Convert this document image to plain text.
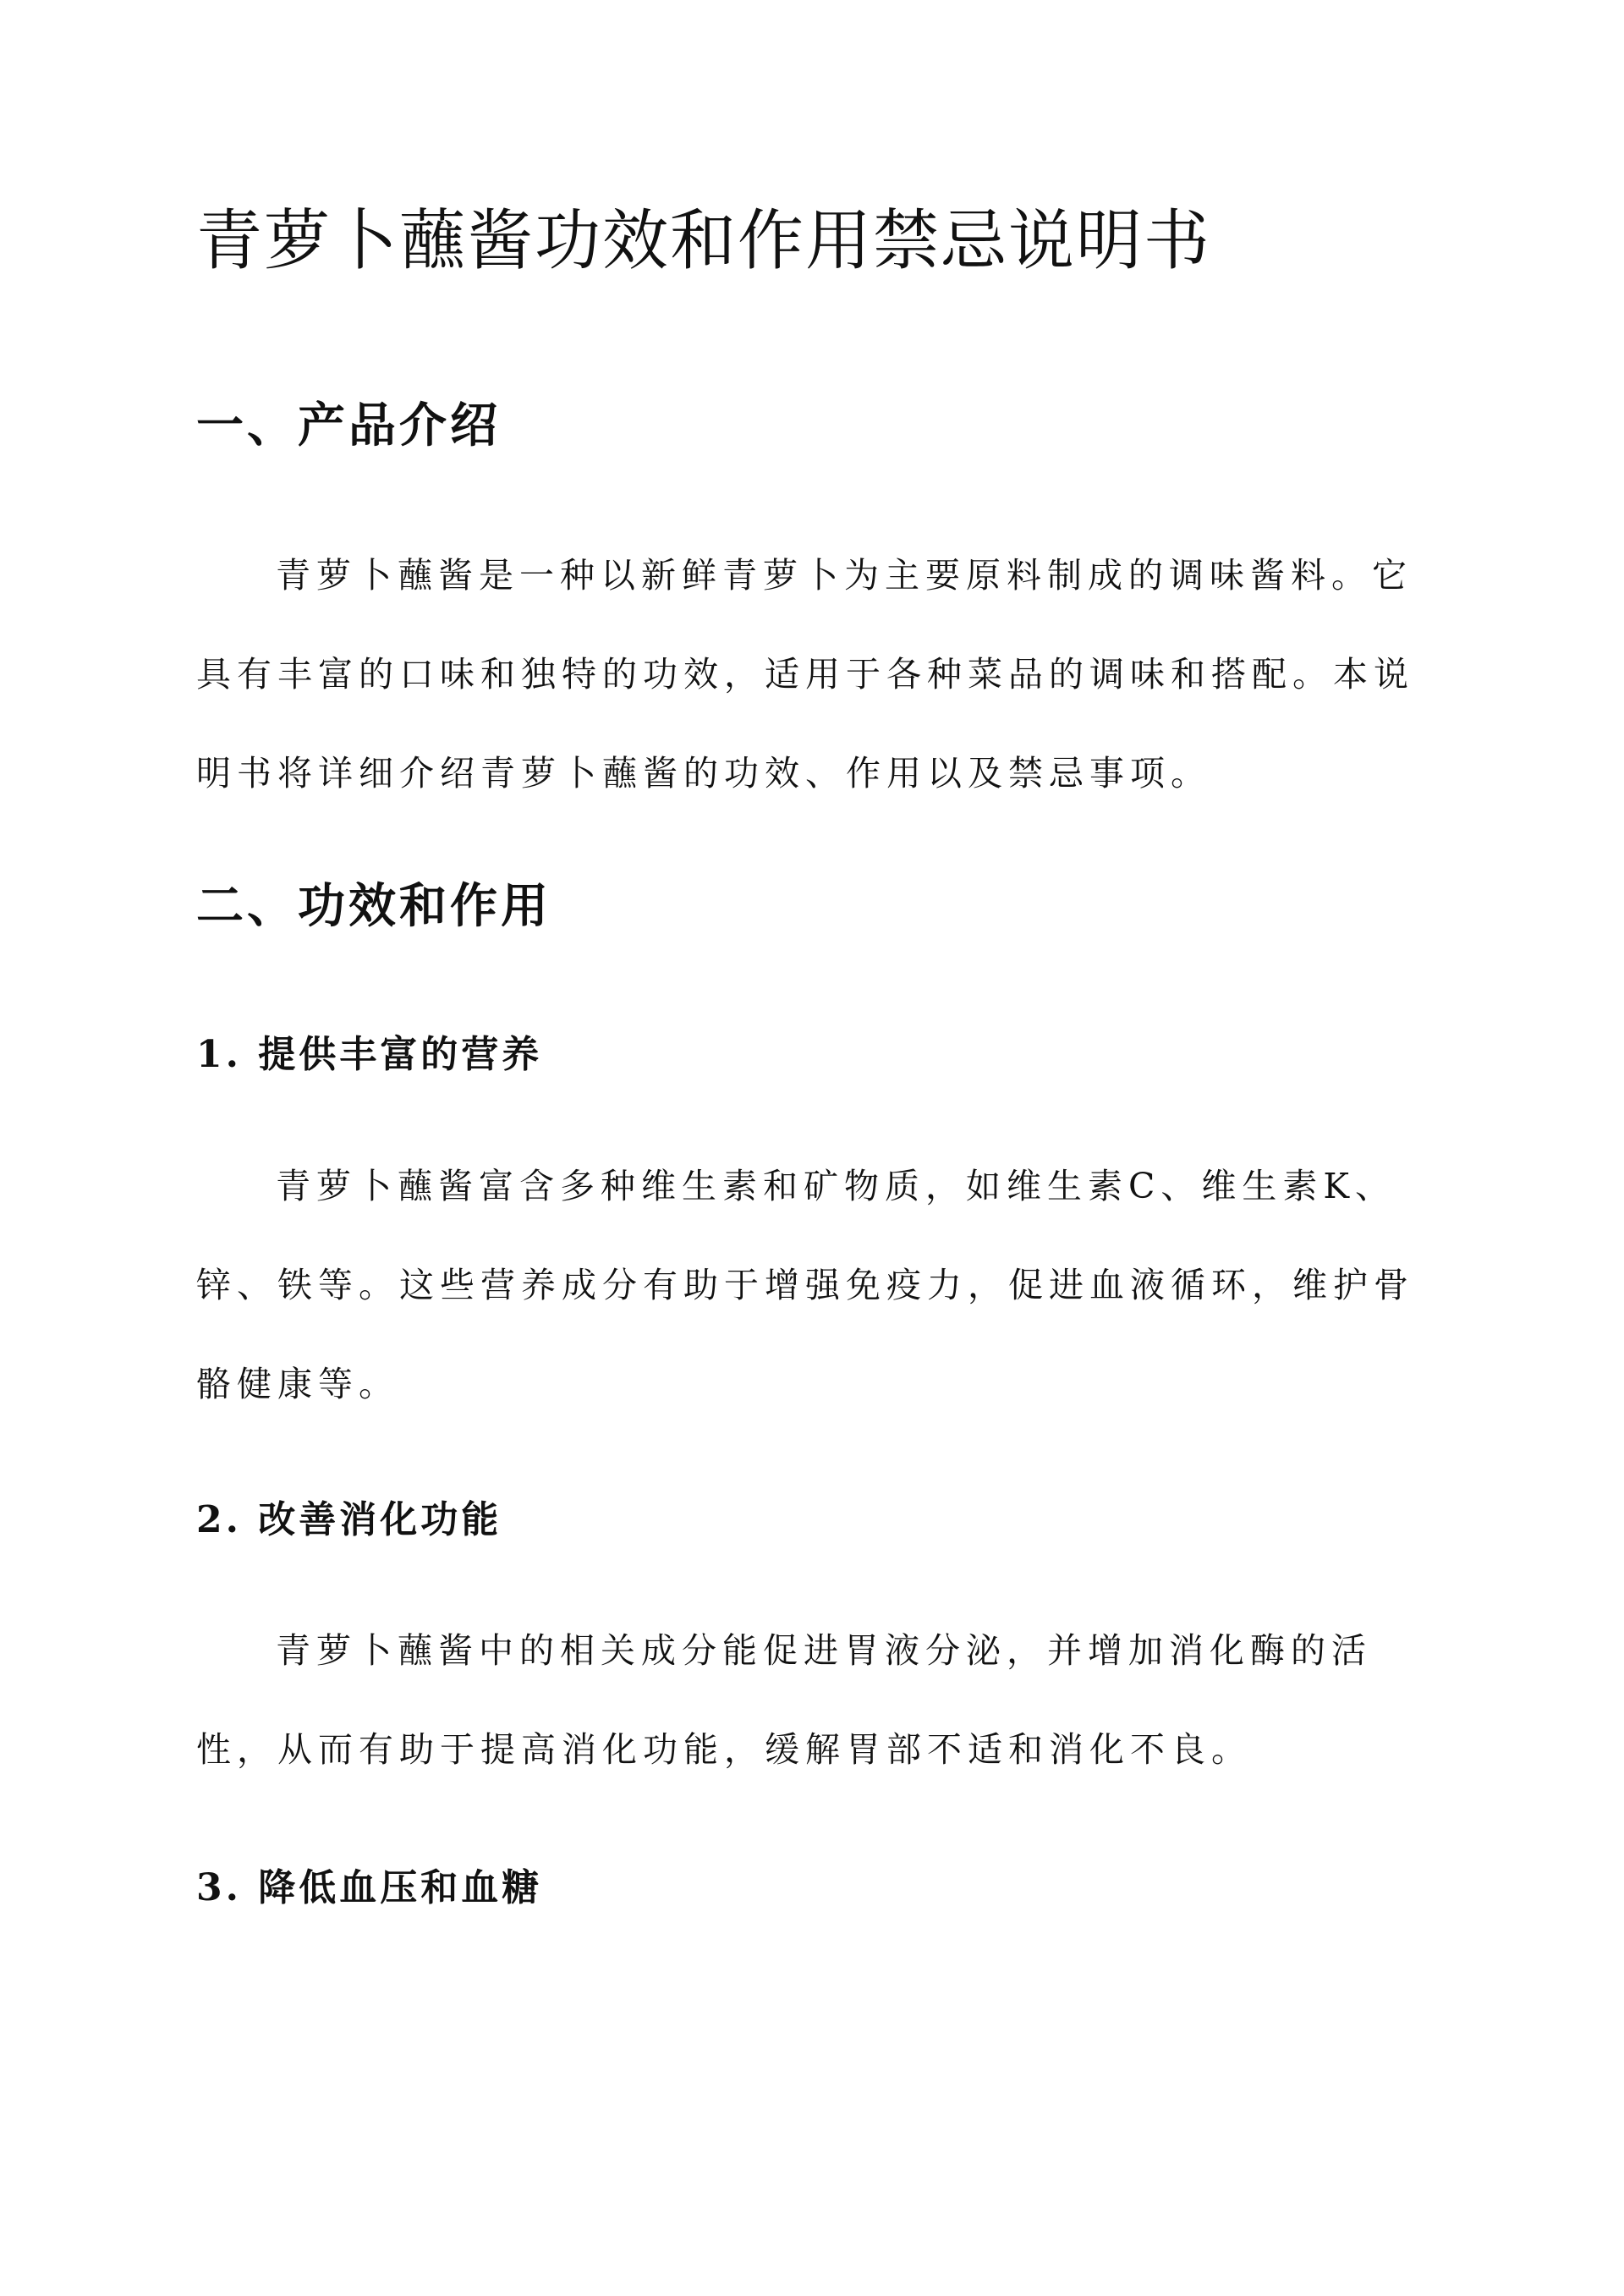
青萝卜蘸酱功效和作用禁忌说明书
一、产品介绍

青萝卜蘸酱是一种以新鲜青萝卜为主要原料制成的调味酱料。它具有丰富的口味和独特的功效，适用于各种菜品的调味和搭配。本说明书将详细介绍青萝卜蘸酱的功效、作用以及禁忌事项。

二、功效和作用
1. 提供丰富的营养

青萝卜蘸酱富含多种维生素和矿物质，如维生素C、维生素K、锌、铁等。这些营养成分有助于增强免疫力，促进血液循环，维护骨骼健康等。

2. 改善消化功能

青萝卜蘸酱中的相关成分能促进胃液分泌，并增加消化酶的活性，从而有助于提高消化功能，缓解胃部不适和消化不良。

3. 降低血压和血糖
